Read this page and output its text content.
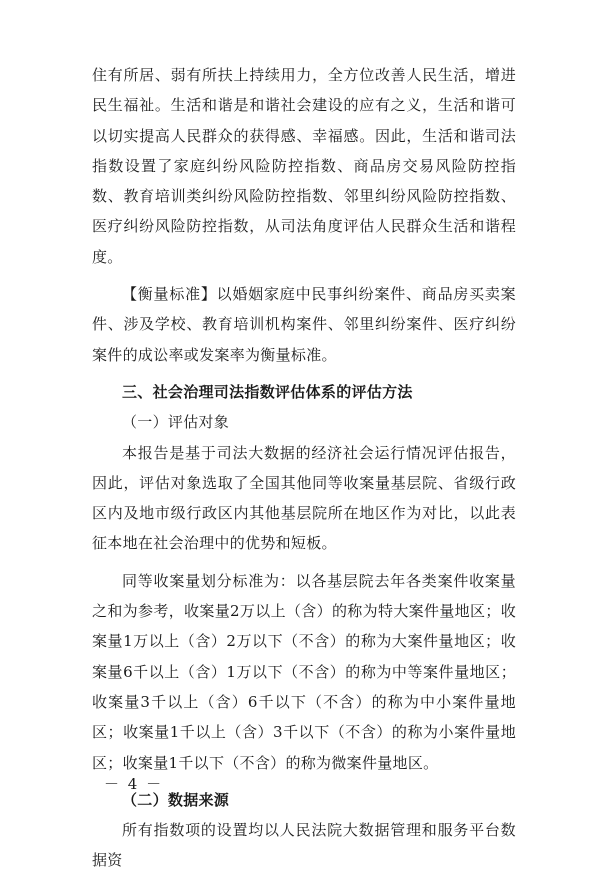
住有所居、弱有所扶上持续用力，全方位改善人民生活，增进民生福祉。生活和谐是和谐社会建设的应有之义，生活和谐可以切实提高人民群众的获得感、幸福感。因此，生活和谐司法指数设置了家庭纠纷风险防控指数、商品房交易风险防控指数、教育培训类纠纷风险防控指数、邻里纠纷风险防控指数、医疗纠纷风险防控指数，从司法角度评估人民群众生活和谐程度。

【衡量标准】以婚姻家庭中民事纠纷案件、商品房买卖案件、涉及学校、教育培训机构案件、邻里纠纷案件、医疗纠纷案件的成讼率或发案率为衡量标准。

三、社会治理司法指数评估体系的评估方法

（一）评估对象

本报告是基于司法大数据的经济社会运行情况评估报告，因此，评估对象选取了全国其他同等收案量基层院、省级行政区内及地市级行政区内其他基层院所在地区作为对比，以此表征本地在社会治理中的优势和短板。

同等收案量划分标准为：以各基层院去年各类案件收案量之和为参考，收案量2万以上（含）的称为特大案件量地区；收案量1万以上（含）2万以下（不含）的称为大案件量地区；收案量6千以上（含）1万以下（不含）的称为中等案件量地区；收案量3千以上（含）6千以下（不含）的称为中小案件量地区；收案量1千以上（含）3千以下（不含）的称为小案件量地区；收案量1千以下（不含）的称为微案件量地区。

（二）数据来源

所有指数项的设置均以人民法院大数据管理和服务平台数据资

－ 4 －
